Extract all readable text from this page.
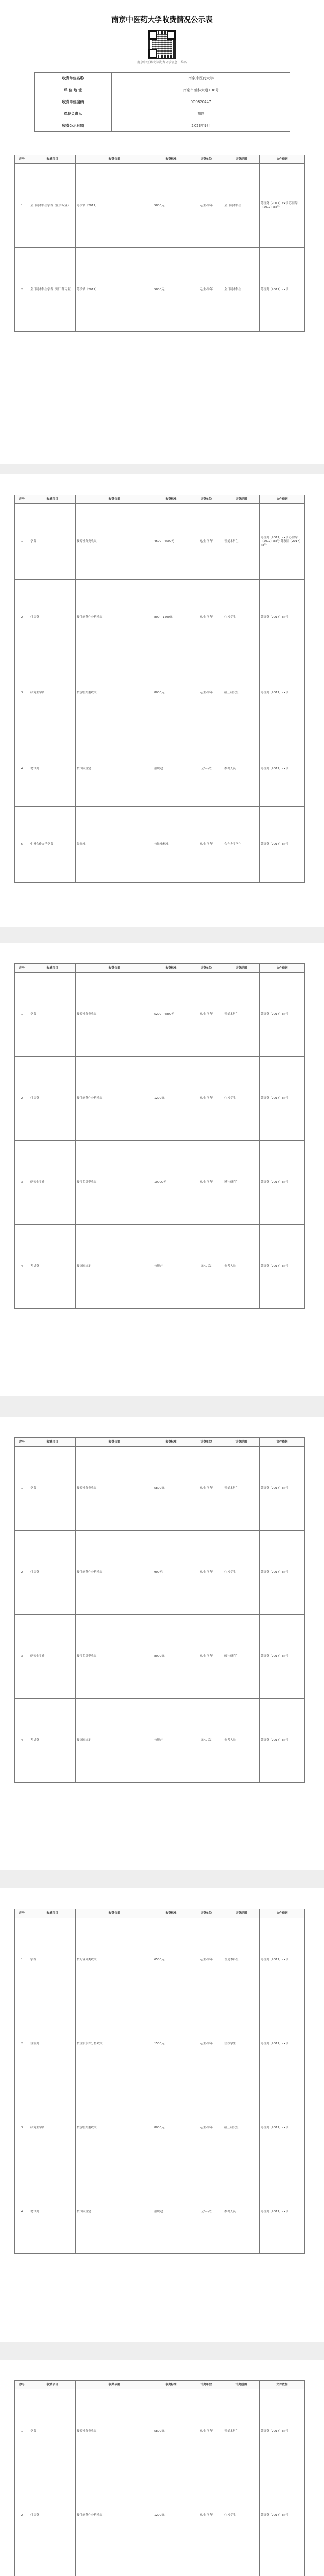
南京中医药大学收费情况公示表
南京中医药大学收费公示信息二维码
收费单位名称	南京中医药大学
单 位 地 址	南京市仙林大道138号
收费单位编码	000820447
单位负责人	胡刚
收费公示日期	2023年9月
序号	收费项目	收费依据	收费标准	计费单位	计费范围	文件依据
1	全日制本科生学费（医学专业）	苏价费〔2017〕	5800元	元/生·学年	全日制本科生	苏价费〔2017〕xx号 苏财综〔2017〕xx号
2	全日制本科生学费（理工科专业）	苏价费〔2017〕	5800元	元/生·学年	全日制本科生	苏价费〔2017〕xx号
序号	收费项目	收费依据	收费标准	计费单位	计费范围	文件依据
1	学费	按专业分类收取	4600—6500元	元/生·学年	普通本科生	苏价费〔2017〕xx号 苏财综〔2017〕xx号 苏教财〔2017〕xx号
2	住宿费	按住宿条件分档收取	800—1500元	元/生·学年	住校学生	苏价费〔2017〕xx号
3	研究生学费	按学位类型收取	8000元	元/生·学年	硕士研究生	苏价费〔2017〕xx号
4	考试费	按国家规定	按规定	元/人·次	参考人员	苏价费〔2017〕xx号
5	中外合作办学学费	经批准	按批准标准	元/生·学年	合作办学学生	苏价费〔2017〕xx号
序号	收费项目	收费依据	收费标准	计费单位	计费范围	文件依据
1	学费	按专业分类收取	5200—6800元	元/生·学年	普通本科生	苏价费〔2017〕xx号
2	住宿费	按住宿条件分档收取	1200元	元/生·学年	住校学生	苏价费〔2017〕xx号
3	研究生学费	按学位类型收取	10000元	元/生·学年	博士研究生	苏价费〔2017〕xx号
4	考试费	按国家规定	按规定	元/人·次	参考人员	苏价费〔2017〕xx号
序号	收费项目	收费依据	收费标准	计费单位	计费范围	文件依据
1	学费	按专业分类收取	5800元	元/生·学年	普通本科生	苏价费〔2017〕xx号
2	住宿费	按住宿条件分档收取	900元	元/生·学年	住校学生	苏价费〔2017〕xx号
3	研究生学费	按学位类型收取	8000元	元/生·学年	硕士研究生	苏价费〔2017〕xx号
4	考试费	按国家规定	按规定	元/人·次	参考人员	苏价费〔2017〕xx号
序号	收费项目	收费依据	收费标准	计费单位	计费范围	文件依据
1	学费	按专业分类收取	6500元	元/生·学年	普通本科生	苏价费〔2017〕xx号
2	住宿费	按住宿条件分档收取	1500元	元/生·学年	住校学生	苏价费〔2017〕xx号
3	研究生学费	按学位类型收取	8000元	元/生·学年	硕士研究生	苏价费〔2017〕xx号
4	考试费	按国家规定	按规定	元/人·次	参考人员	苏价费〔2017〕xx号
序号	收费项目	收费依据	收费标准	计费单位	计费范围	文件依据
1	学费	按专业分类收取	5800元	元/生·学年	普通本科生	苏价费〔2017〕xx号
2	住宿费	按住宿条件分档收取	1200元	元/生·学年	住校学生	苏价费〔2017〕xx号
